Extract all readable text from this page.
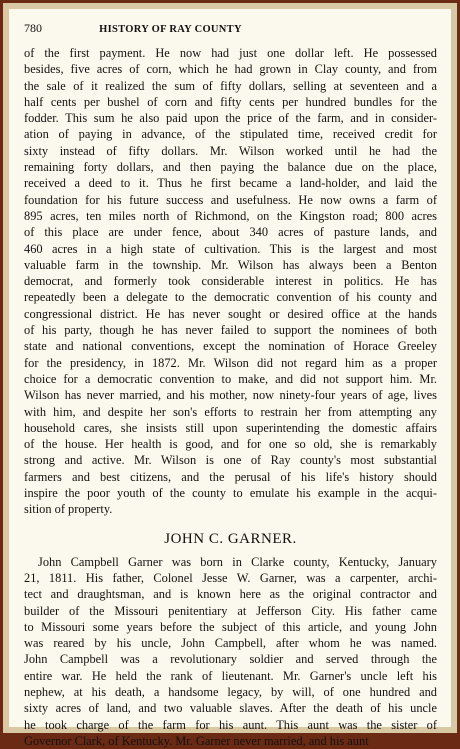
780	HISTORY OF RAY COUNTY
of the first payment. He now had just one dollar left. He possessed
besides, five acres of corn, which he had grown in Clay county, and from
the sale of it realized the sum of fifty dollars, selling at seventeen and a
half cents per bushel of corn and fifty cents per hundred bundles for the
fodder. This sum he also paid upon the price of the farm, and in consider-
ation of paying in advance, of the stipulated time, received credit for
sixty instead of fifty dollars. Mr. Wilson worked until he had the
remaining forty dollars, and then paying the balance due on the place,
received a deed to it. Thus he first became a land-holder, and laid the
foundation for his future success and usefulness. He now owns a farm of
895 acres, ten miles north of Richmond, on the Kingston road; 800 acres
of this place are under fence, about 340 acres of pasture lands, and
460 acres in a high state of cultivation. This is the largest and most
valuable farm in the township. Mr. Wilson has always been a Benton
democrat, and formerly took considerable interest in politics. He has
repeatedly been a delegate to the democratic convention of his county and
congressional district. He has never sought or desired office at the hands
of his party, though he has never failed to support the nominees of both
state and national conventions, except the nomination of Horace Greeley
for the presidency, in 1872. Mr. Wilson did not regard him as a proper
choice for a democratic convention to make, and did not support him. Mr.
Wilson has never married, and his mother, now ninety-four years of age, lives
with him, and despite her son's efforts to restrain her from attempting any
household cares, she insists still upon superintending the domestic affairs
of the house. Her health is good, and for one so old, she is remarkably
strong and active. Mr. Wilson is one of Ray county's most substantial
farmers and best citizens, and the perusal of his life's history should
inspire the poor youth of the county to emulate his example in the acqui-
sition of property.
JOHN C. GARNER.
John Campbell Garner was born in Clarke county, Kentucky, January
21, 1811. His father, Colonel Jesse W. Garner, was a carpenter, archi-
tect and draughtsman, and is known here as the original contractor and
builder of the Missouri penitentiary at Jefferson City. His father came
to Missouri some years before the subject of this article, and young John
was reared by his uncle, John Campbell, after whom he was named.
John Campbell was a revolutionary soldier and served through the
entire war. He held the rank of lieutenant. Mr. Garner's uncle left his
nephew, at his death, a handsome legacy, by will, of one hundred and
sixty acres of land, and two valuable slaves. After the death of his uncle
he took charge of the farm for his aunt. This aunt was the sister of
Governor Clark, of Kentucky. Mr. Garner never married, and his aunt
